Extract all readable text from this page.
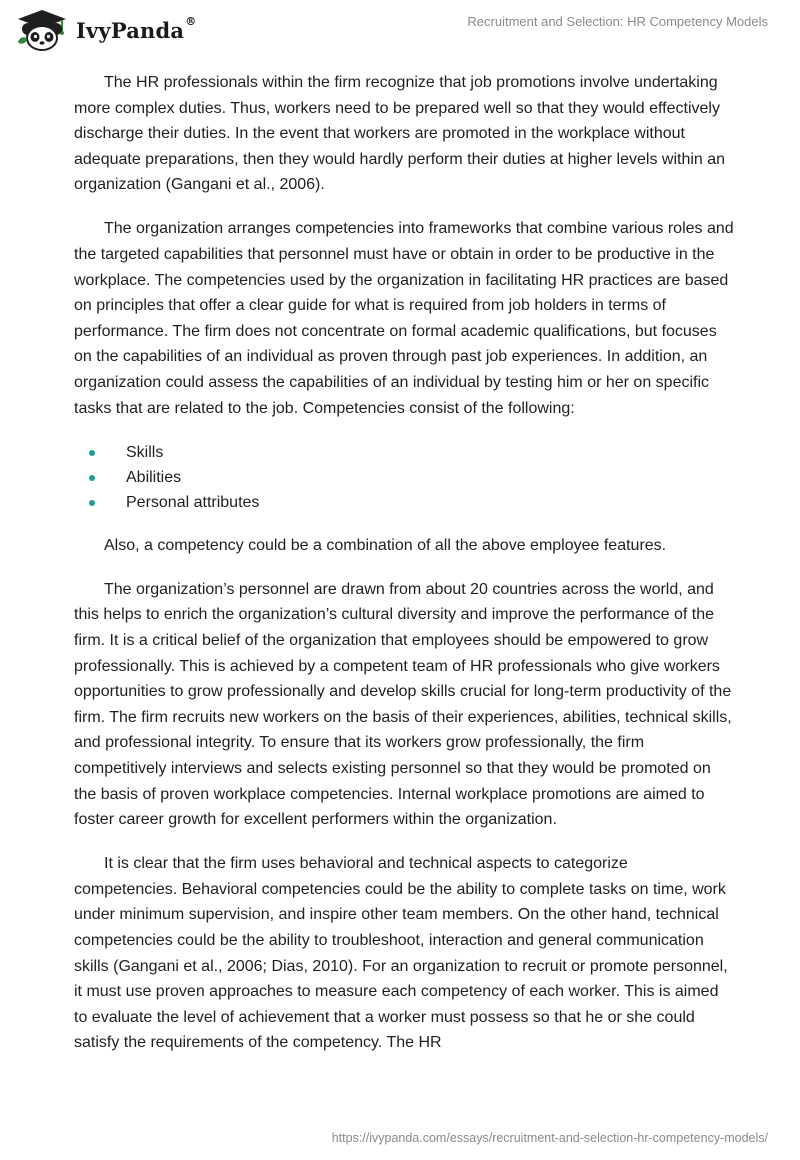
IvyPanda®	Recruitment and Selection: HR Competency Models

The HR professionals within the firm recognize that job promotions involve undertaking more complex duties. Thus, workers need to be prepared well so that they would effectively discharge their duties. In the event that workers are promoted in the workplace without adequate preparations, then they would hardly perform their duties at higher levels within an organization (Gangani et al., 2006).

The organization arranges competencies into frameworks that combine various roles and the targeted capabilities that personnel must have or obtain in order to be productive in the workplace. The competencies used by the organization in facilitating HR practices are based on principles that offer a clear guide for what is required from job holders in terms of performance. The firm does not concentrate on formal academic qualifications, but focuses on the capabilities of an individual as proven through past job experiences. In addition, an organization could assess the capabilities of an individual by testing him or her on specific tasks that are related to the job. Competencies consist of the following:

Skills
Abilities
Personal attributes

Also, a competency could be a combination of all the above employee features.

The organization’s personnel are drawn from about 20 countries across the world, and this helps to enrich the organization’s cultural diversity and improve the performance of the firm. It is a critical belief of the organization that employees should be empowered to grow professionally. This is achieved by a competent team of HR professionals who give workers opportunities to grow professionally and develop skills crucial for long-term productivity of the firm. The firm recruits new workers on the basis of their experiences, abilities, technical skills, and professional integrity. To ensure that its workers grow professionally, the firm competitively interviews and selects existing personnel so that they would be promoted on the basis of proven workplace competencies. Internal workplace promotions are aimed to foster career growth for excellent performers within the organization.

It is clear that the firm uses behavioral and technical aspects to categorize competencies. Behavioral competencies could be the ability to complete tasks on time, work under minimum supervision, and inspire other team members. On the other hand, technical competencies could be the ability to troubleshoot, interaction and general communication skills (Gangani et al., 2006; Dias, 2010). For an organization to recruit or promote personnel, it must use proven approaches to measure each competency of each worker. This is aimed to evaluate the level of achievement that a worker must possess so that he or she could satisfy the requirements of the competency. The HR

https://ivypanda.com/essays/recruitment-and-selection-hr-competency-models/
